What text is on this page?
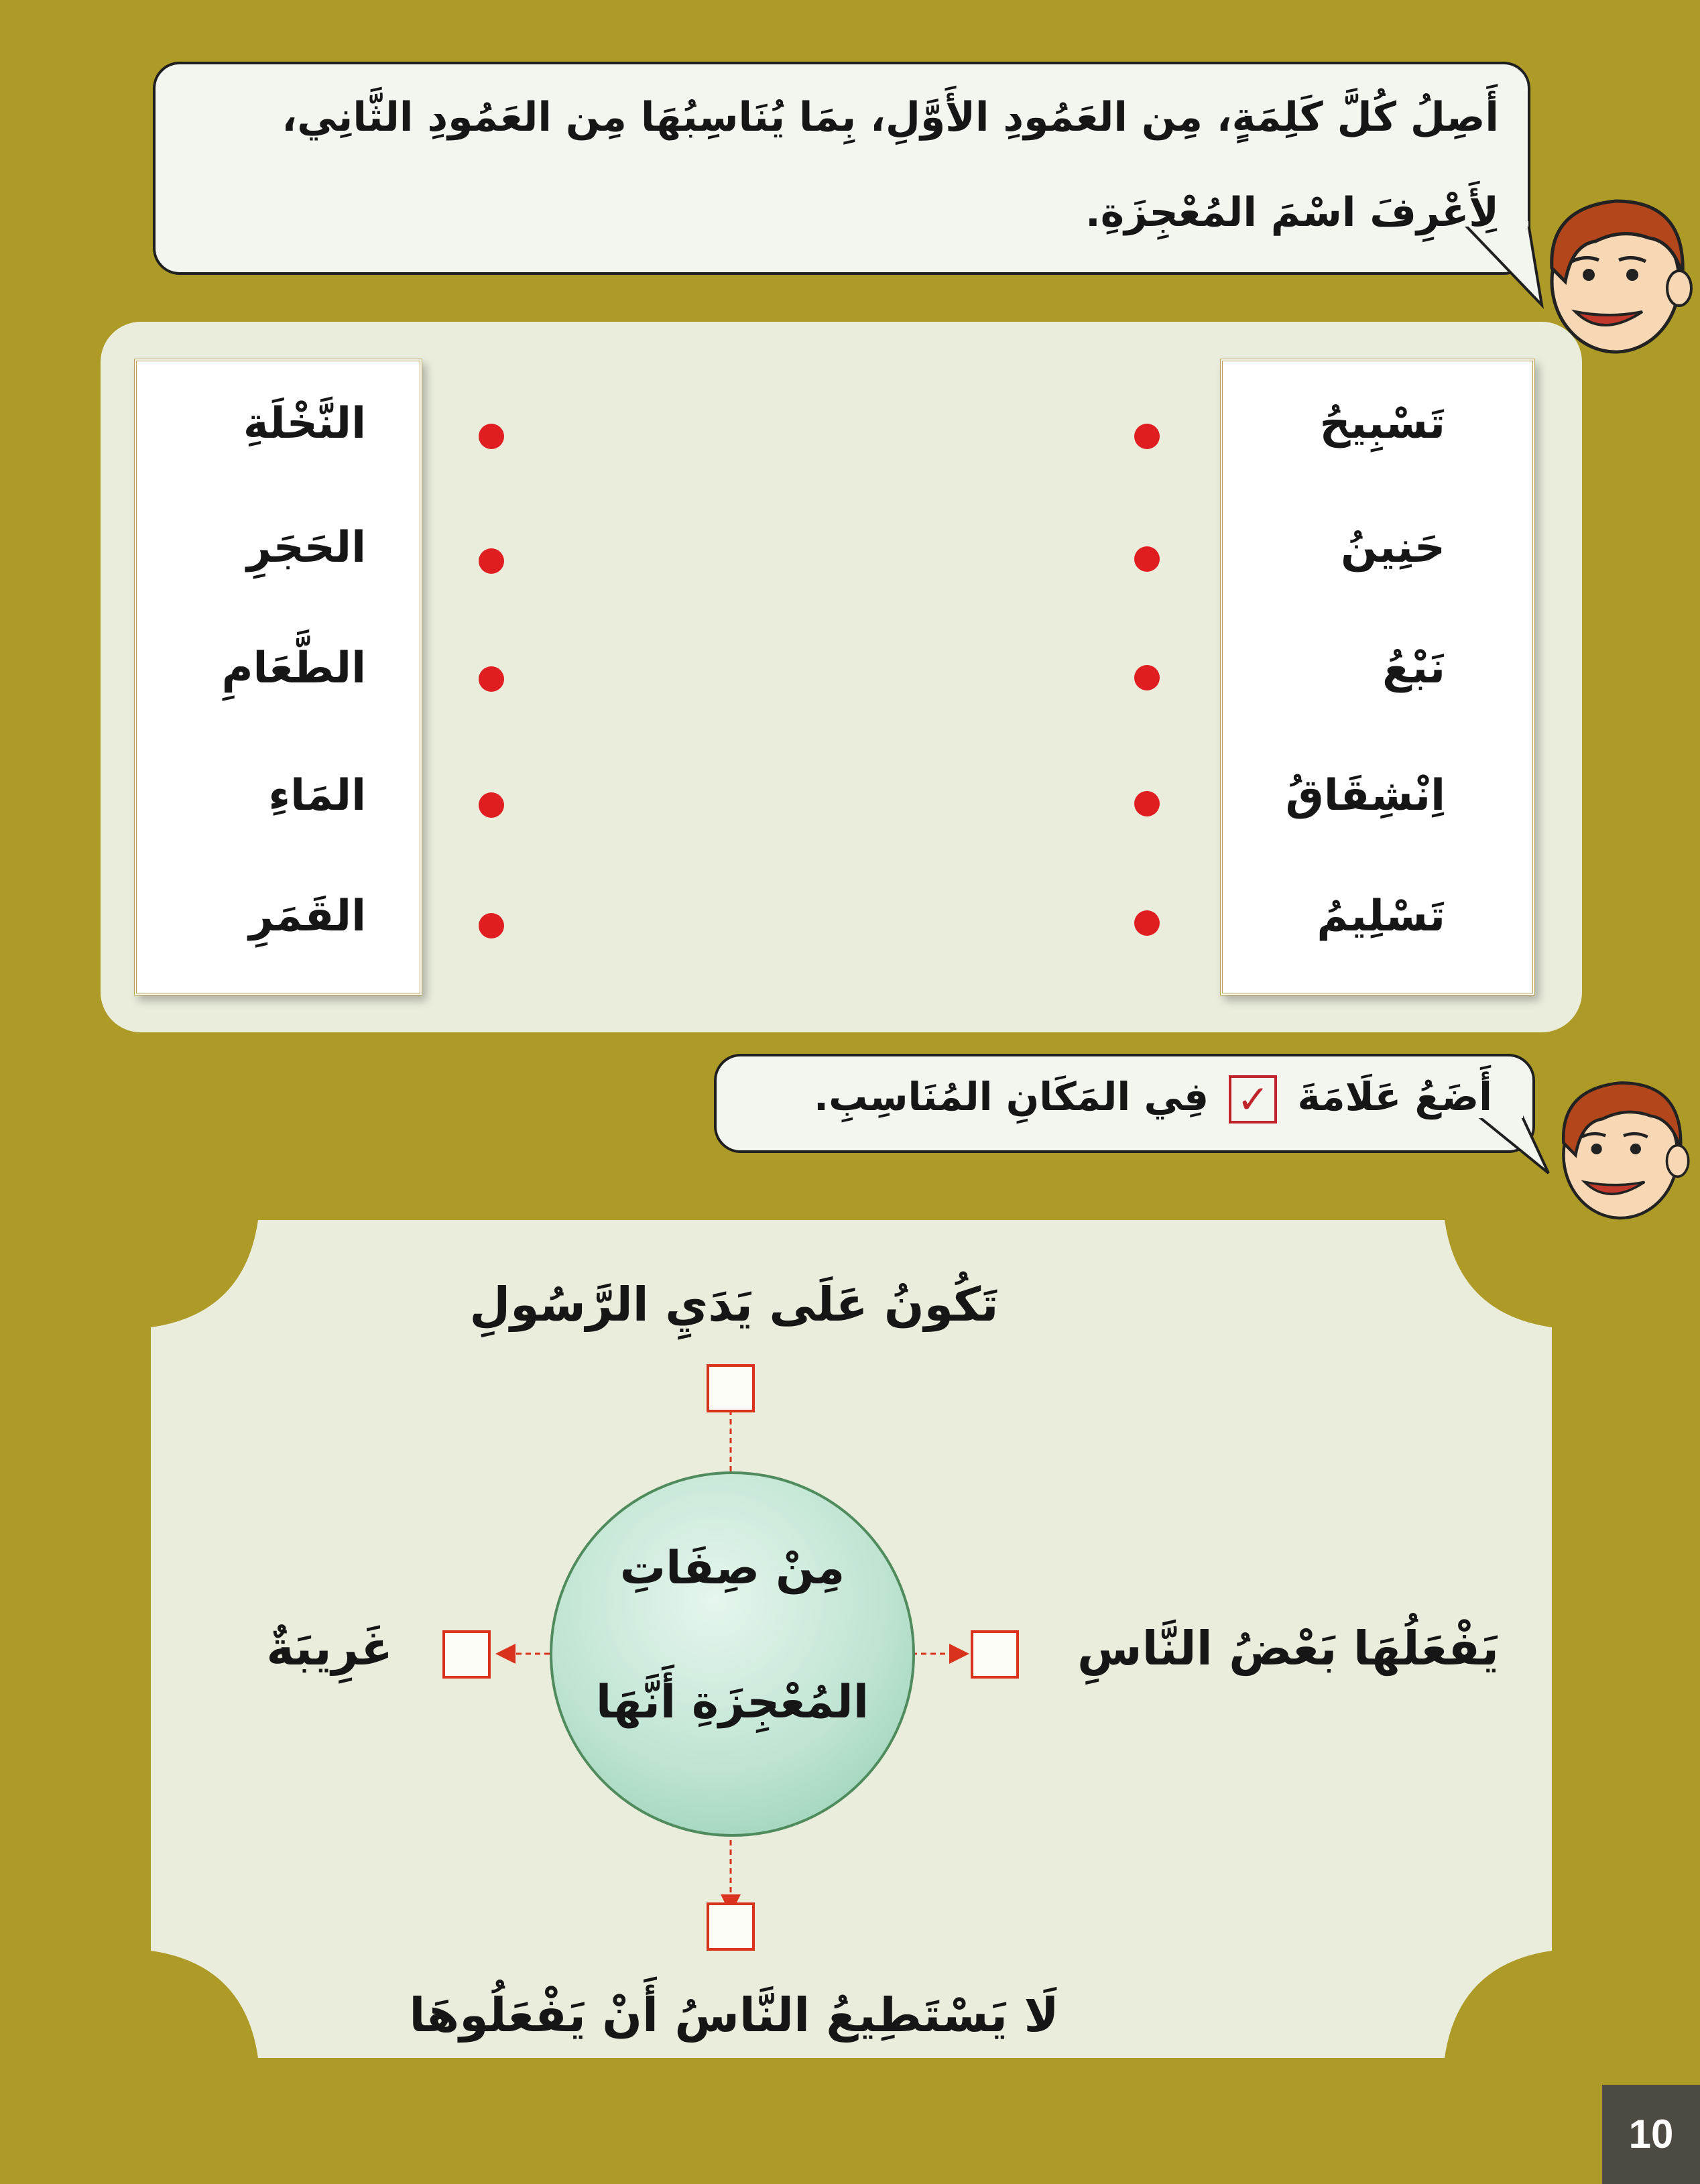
أَصِلُ كُلَّ كَلِمَةٍ، مِن العَمُودِ الأَوَّلِ، بِمَا يُنَاسِبُهَا مِن العَمُودِ الثَّانِي،
لِأَعْرِفَ اسْمَ المُعْجِزَةِ.
تَسْبِيحُ
حَنِينُ
نَبْعُ
اِنْشِقَاقُ
تَسْلِيمُ
النَّخْلَةِ
الحَجَرِ
الطَّعَامِ
المَاءِ
القَمَرِ
أَضَعُ عَلَامَةَ ✓ فِي المَكَانِ المُنَاسِبِ.
مِنْ صِفَاتِ
المُعْجِزَةِ أَنَّهَا
تَكُونُ عَلَى يَدَيِ الرَّسُولِ
يَفْعَلُهَا بَعْضُ النَّاسِ
غَرِيبَةٌ
لَا يَسْتَطِيعُ النَّاسُ أَنْ يَفْعَلُوهَا
10
